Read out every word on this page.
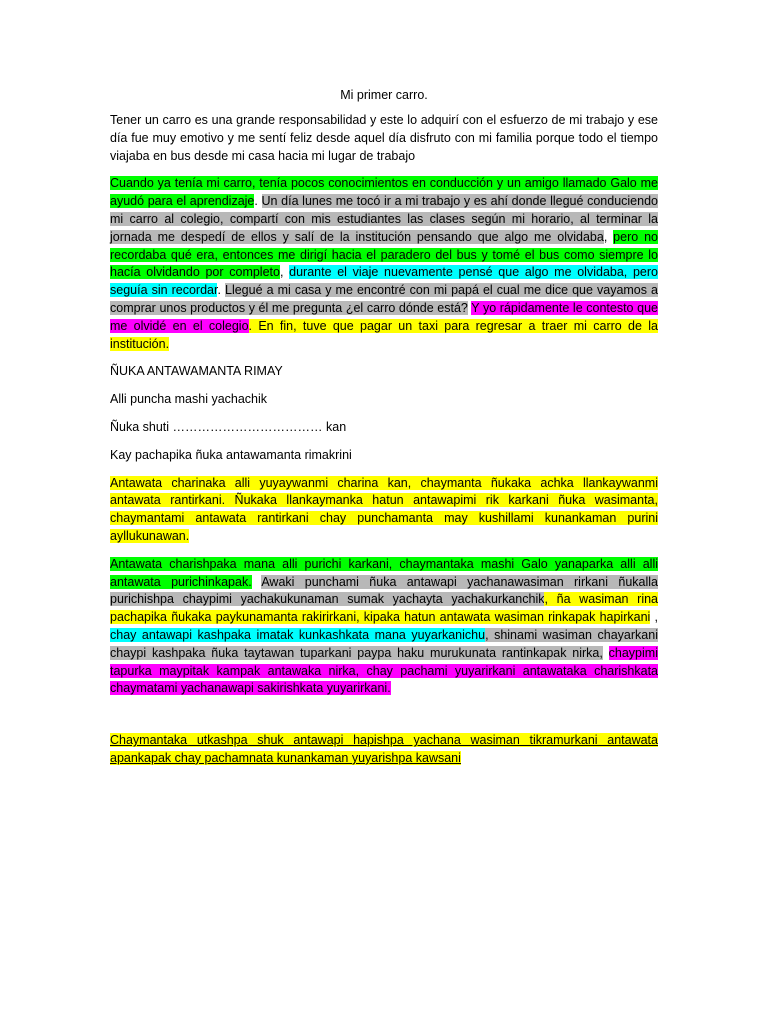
Mi primer carro.

Tener un carro es una grande responsabilidad y este lo adquirí con el esfuerzo de mi trabajo y ese día fue muy emotivo y me sentí feliz desde aquel día disfruto con mi familia porque todo el tiempo viajaba en bus desde mi casa hacia mi lugar de trabajo

Cuando ya tenía mi carro, tenía pocos conocimientos en conducción y un amigo llamado Galo me ayudó para el aprendizaje. Un día lunes me tocó ir a mi trabajo y es ahí donde llegué conduciendo mi carro al colegio, compartí con mis estudiantes las clases según mi horario, al terminar la jornada me despedí de ellos y salí de la institución pensando que algo me olvidaba, pero no recordaba qué era, entonces me dirigí hacia el paradero del bus y tomé el bus como siempre lo hacía olvidando por completo, durante el viaje nuevamente pensé que algo me olvidaba, pero seguía sin recordar. Llegué a mi casa y me encontré con mi papá el cual me dice que vayamos a comprar unos productos y él me pregunta ¿el carro dónde está? Y yo rápidamente le contesto que me olvidé en el colegio. En fin, tuve que pagar un taxi para regresar a traer mi carro de la institución.

ÑUKA ANTAWAMANTA RIMAY

Alli puncha mashi yachachik

Ñuka shuti ……………………………… kan

Kay pachapika ñuka antawamanta rimakrini

Antawata charinaka alli yuyaywanmi charina kan, chaymanta ñukaka achka llankaywanmi antawata rantirkani. Ñukaka llankaymanka hatun antawapimi rik karkani ñuka wasimanta, chaymantami antawata rantirkani chay punchamanta may kushillami kunankaman purini ayllukunawan.

Antawata charishpaka mana alli purichi karkani, chaymantaka mashi Galo yanaparka alli alli antawata purichinkapak. Awaki punchami ñuka antawapi yachanawasiman rirkani ñukalla purichishpa chaypimi yachakukunaman sumak yachayta yachakurkanchik, ña wasiman rina pachapika ñukaka paykunamanta rakirirkani, kipaka hatun antawata wasiman rinkapak hapirkani , chay antawapi kashpaka imatak kunkashkata mana yuyarkanichu, shinami wasiman chayarkani chaypi kashpaka ñuka taytawan tuparkani paypa haku murukunata rantinkapak nirka, chaypimi tapurka maypitak kampak antawaka nirka, chay pachami yuyarirkani antawataka charishkata chaymatami yachanawapi sakirishkata yuyarirkani.

Chaymantaka utkashpa shuk antawapi hapishpa yachana wasiman tikramurkani antawata apankapak chay pachamnata kunankaman yuyarishpa kawsani
